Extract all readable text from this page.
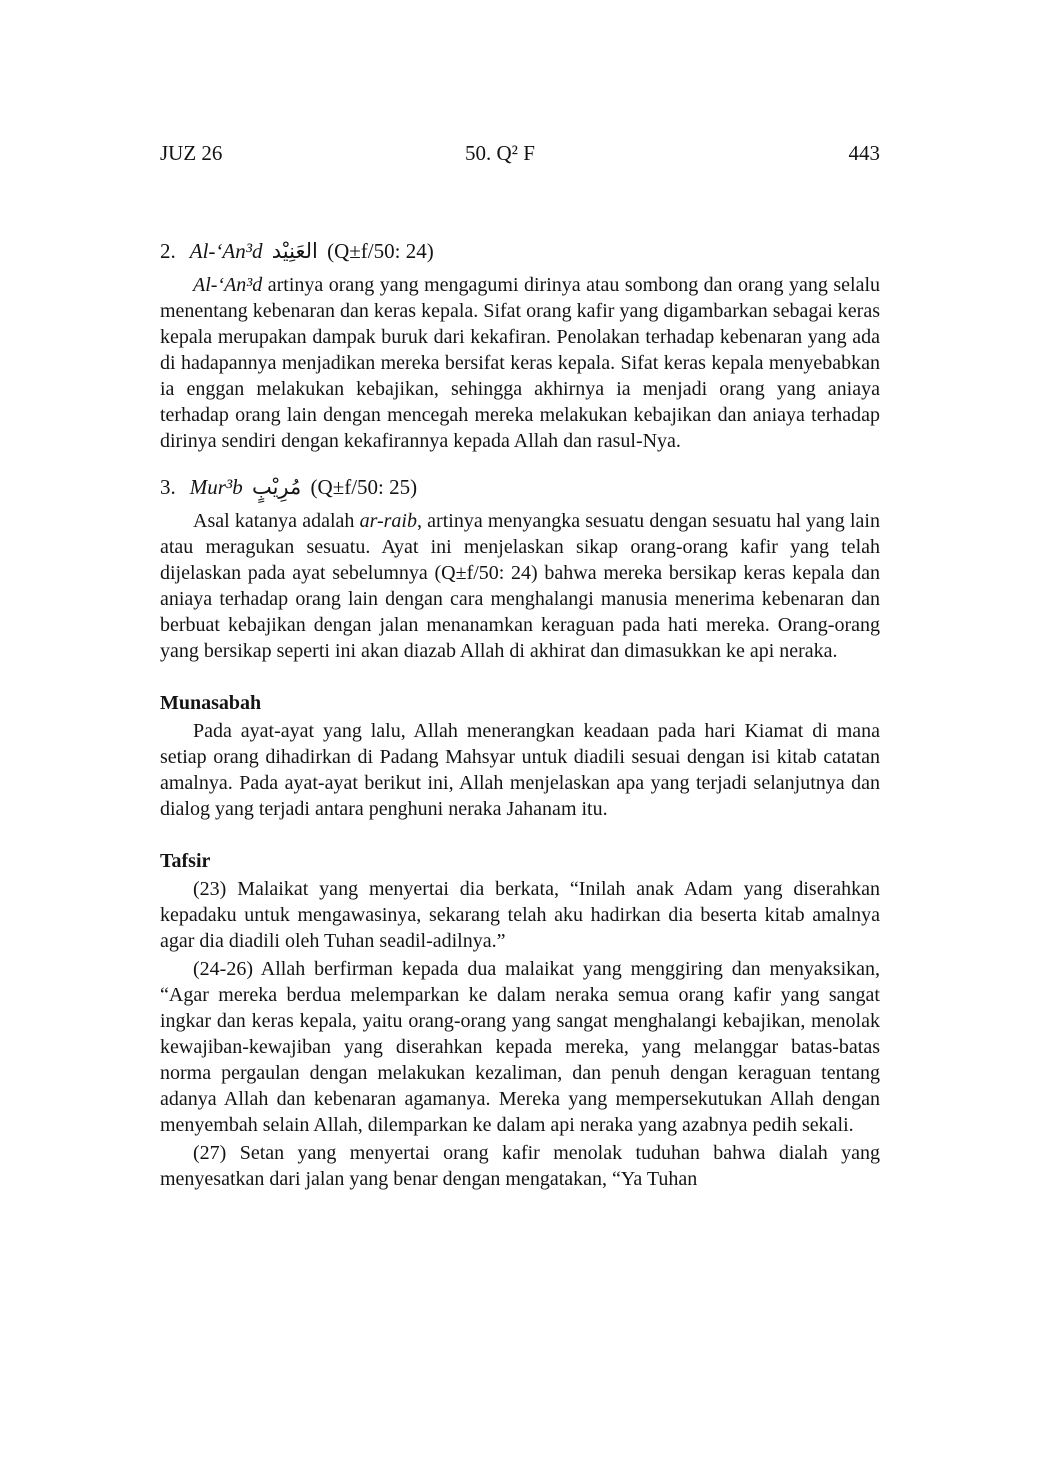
JUZ 26	50. Q² F	443
2. Al-‘An³d العَنِيْد (Q±f/50: 24)

Al-‘An³d artinya orang yang mengagumi dirinya atau sombong dan orang yang selalu menentang kebenaran dan keras kepala. Sifat orang kafir yang digambarkan sebagai keras kepala merupakan dampak buruk dari kekafiran. Penolakan terhadap kebenaran yang ada di hadapannya menjadikan mereka bersifat keras kepala. Sifat keras kepala menyebabkan ia enggan melakukan kebajikan, sehingga akhirnya ia menjadi orang yang aniaya terhadap orang lain dengan mencegah mereka melakukan kebajikan dan aniaya terhadap dirinya sendiri dengan kekafirannya kepada Allah dan rasul-Nya.

3. Mur³b مُرِيْبٍ (Q±f/50: 25)

Asal katanya adalah ar-raib, artinya menyangka sesuatu dengan sesuatu hal yang lain atau meragukan sesuatu. Ayat ini menjelaskan sikap orang-orang kafir yang telah dijelaskan pada ayat sebelumnya (Q±f/50: 24) bahwa mereka bersikap keras kepala dan aniaya terhadap orang lain dengan cara menghalangi manusia menerima kebenaran dan berbuat kebajikan dengan jalan menanamkan keraguan pada hati mereka. Orang-orang yang bersikap seperti ini akan diazab Allah di akhirat dan dimasukkan ke api neraka.

Munasabah

Pada ayat-ayat yang lalu, Allah menerangkan keadaan pada hari Kiamat di mana setiap orang dihadirkan di Padang Mahsyar untuk diadili sesuai dengan isi kitab catatan amalnya. Pada ayat-ayat berikut ini, Allah menjelaskan apa yang terjadi selanjutnya dan dialog yang terjadi antara penghuni neraka Jahanam itu.

Tafsir

(23) Malaikat yang menyertai dia berkata, “Inilah anak Adam yang diserahkan kepadaku untuk mengawasinya, sekarang telah aku hadirkan dia beserta kitab amalnya agar dia diadili oleh Tuhan seadil-adilnya.”

(24-26) Allah berfirman kepada dua malaikat yang menggiring dan menyaksikan, “Agar mereka berdua melemparkan ke dalam neraka semua orang kafir yang sangat ingkar dan keras kepala, yaitu orang-orang yang sangat menghalangi kebajikan, menolak kewajiban-kewajiban yang diserahkan kepada mereka, yang melanggar batas-batas norma pergaulan dengan melakukan kezaliman, dan penuh dengan keraguan tentang adanya Allah dan kebenaran agamanya. Mereka yang mempersekutukan Allah dengan menyembah selain Allah, dilemparkan ke dalam api neraka yang azabnya pedih sekali.

(27) Setan yang menyertai orang kafir menolak tuduhan bahwa dialah yang menyesatkan dari jalan yang benar dengan mengatakan, “Ya Tuhan
